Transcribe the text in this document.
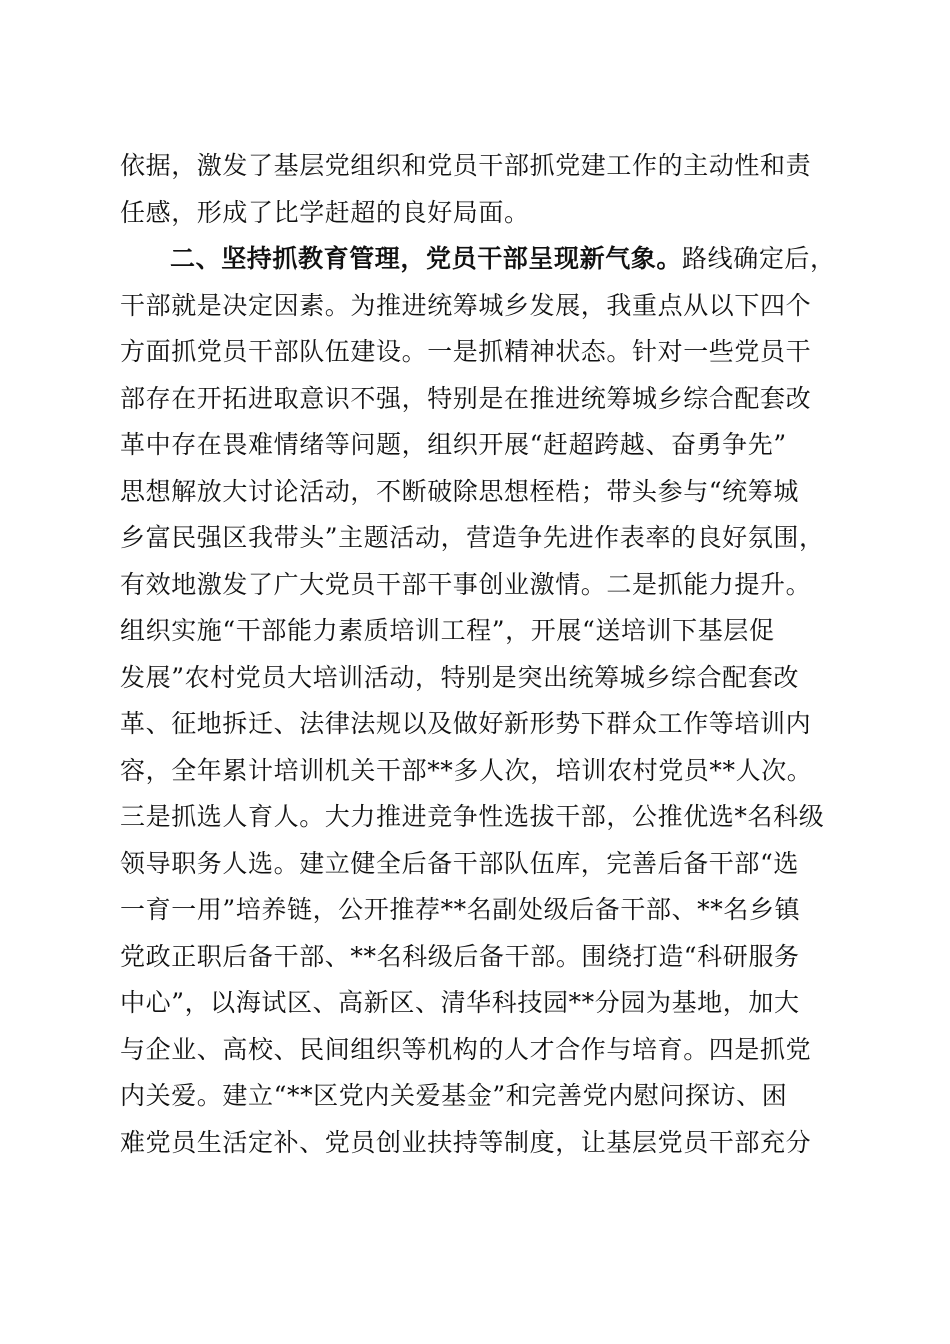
依据，激发了基层党组织和党员干部抓党建工作的主动性和责
任感，形成了比学赶超的良好局面。
二、坚持抓教育管理，党员干部呈现新气象。路线确定后，
干部就是决定因素。为推进统筹城乡发展，我重点从以下四个
方面抓党员干部队伍建设。一是抓精神状态。针对一些党员干
部存在开拓进取意识不强，特别是在推进统筹城乡综合配套改
革中存在畏难情绪等问题，组织开展“赶超跨越、奋勇争先”
思想解放大讨论活动，不断破除思想桎梏；带头参与“统筹城
乡富民强区我带头”主题活动，营造争先进作表率的良好氛围，
有效地激发了广大党员干部干事创业激情。二是抓能力提升。
组织实施“干部能力素质培训工程”，开展“送培训下基层促
发展”农村党员大培训活动，特别是突出统筹城乡综合配套改
革、征地拆迁、法律法规以及做好新形势下群众工作等培训内
容，全年累计培训机关干部**多人次，培训农村党员**人次。
三是抓选人育人。大力推进竞争性选拔干部，公推优选*名科级
领导职务人选。建立健全后备干部队伍库，完善后备干部“选
一育一用”培养链，公开推荐**名副处级后备干部、**名乡镇
党政正职后备干部、**名科级后备干部。围绕打造“科研服务
中心”，以海试区、高新区、清华科技园**分园为基地，加大
与企业、高校、民间组织等机构的人才合作与培育。四是抓党
内关爱。建立“**区党内关爱基金”和完善党内慰问探访、困
难党员生活定补、党员创业扶持等制度，让基层党员干部充分
